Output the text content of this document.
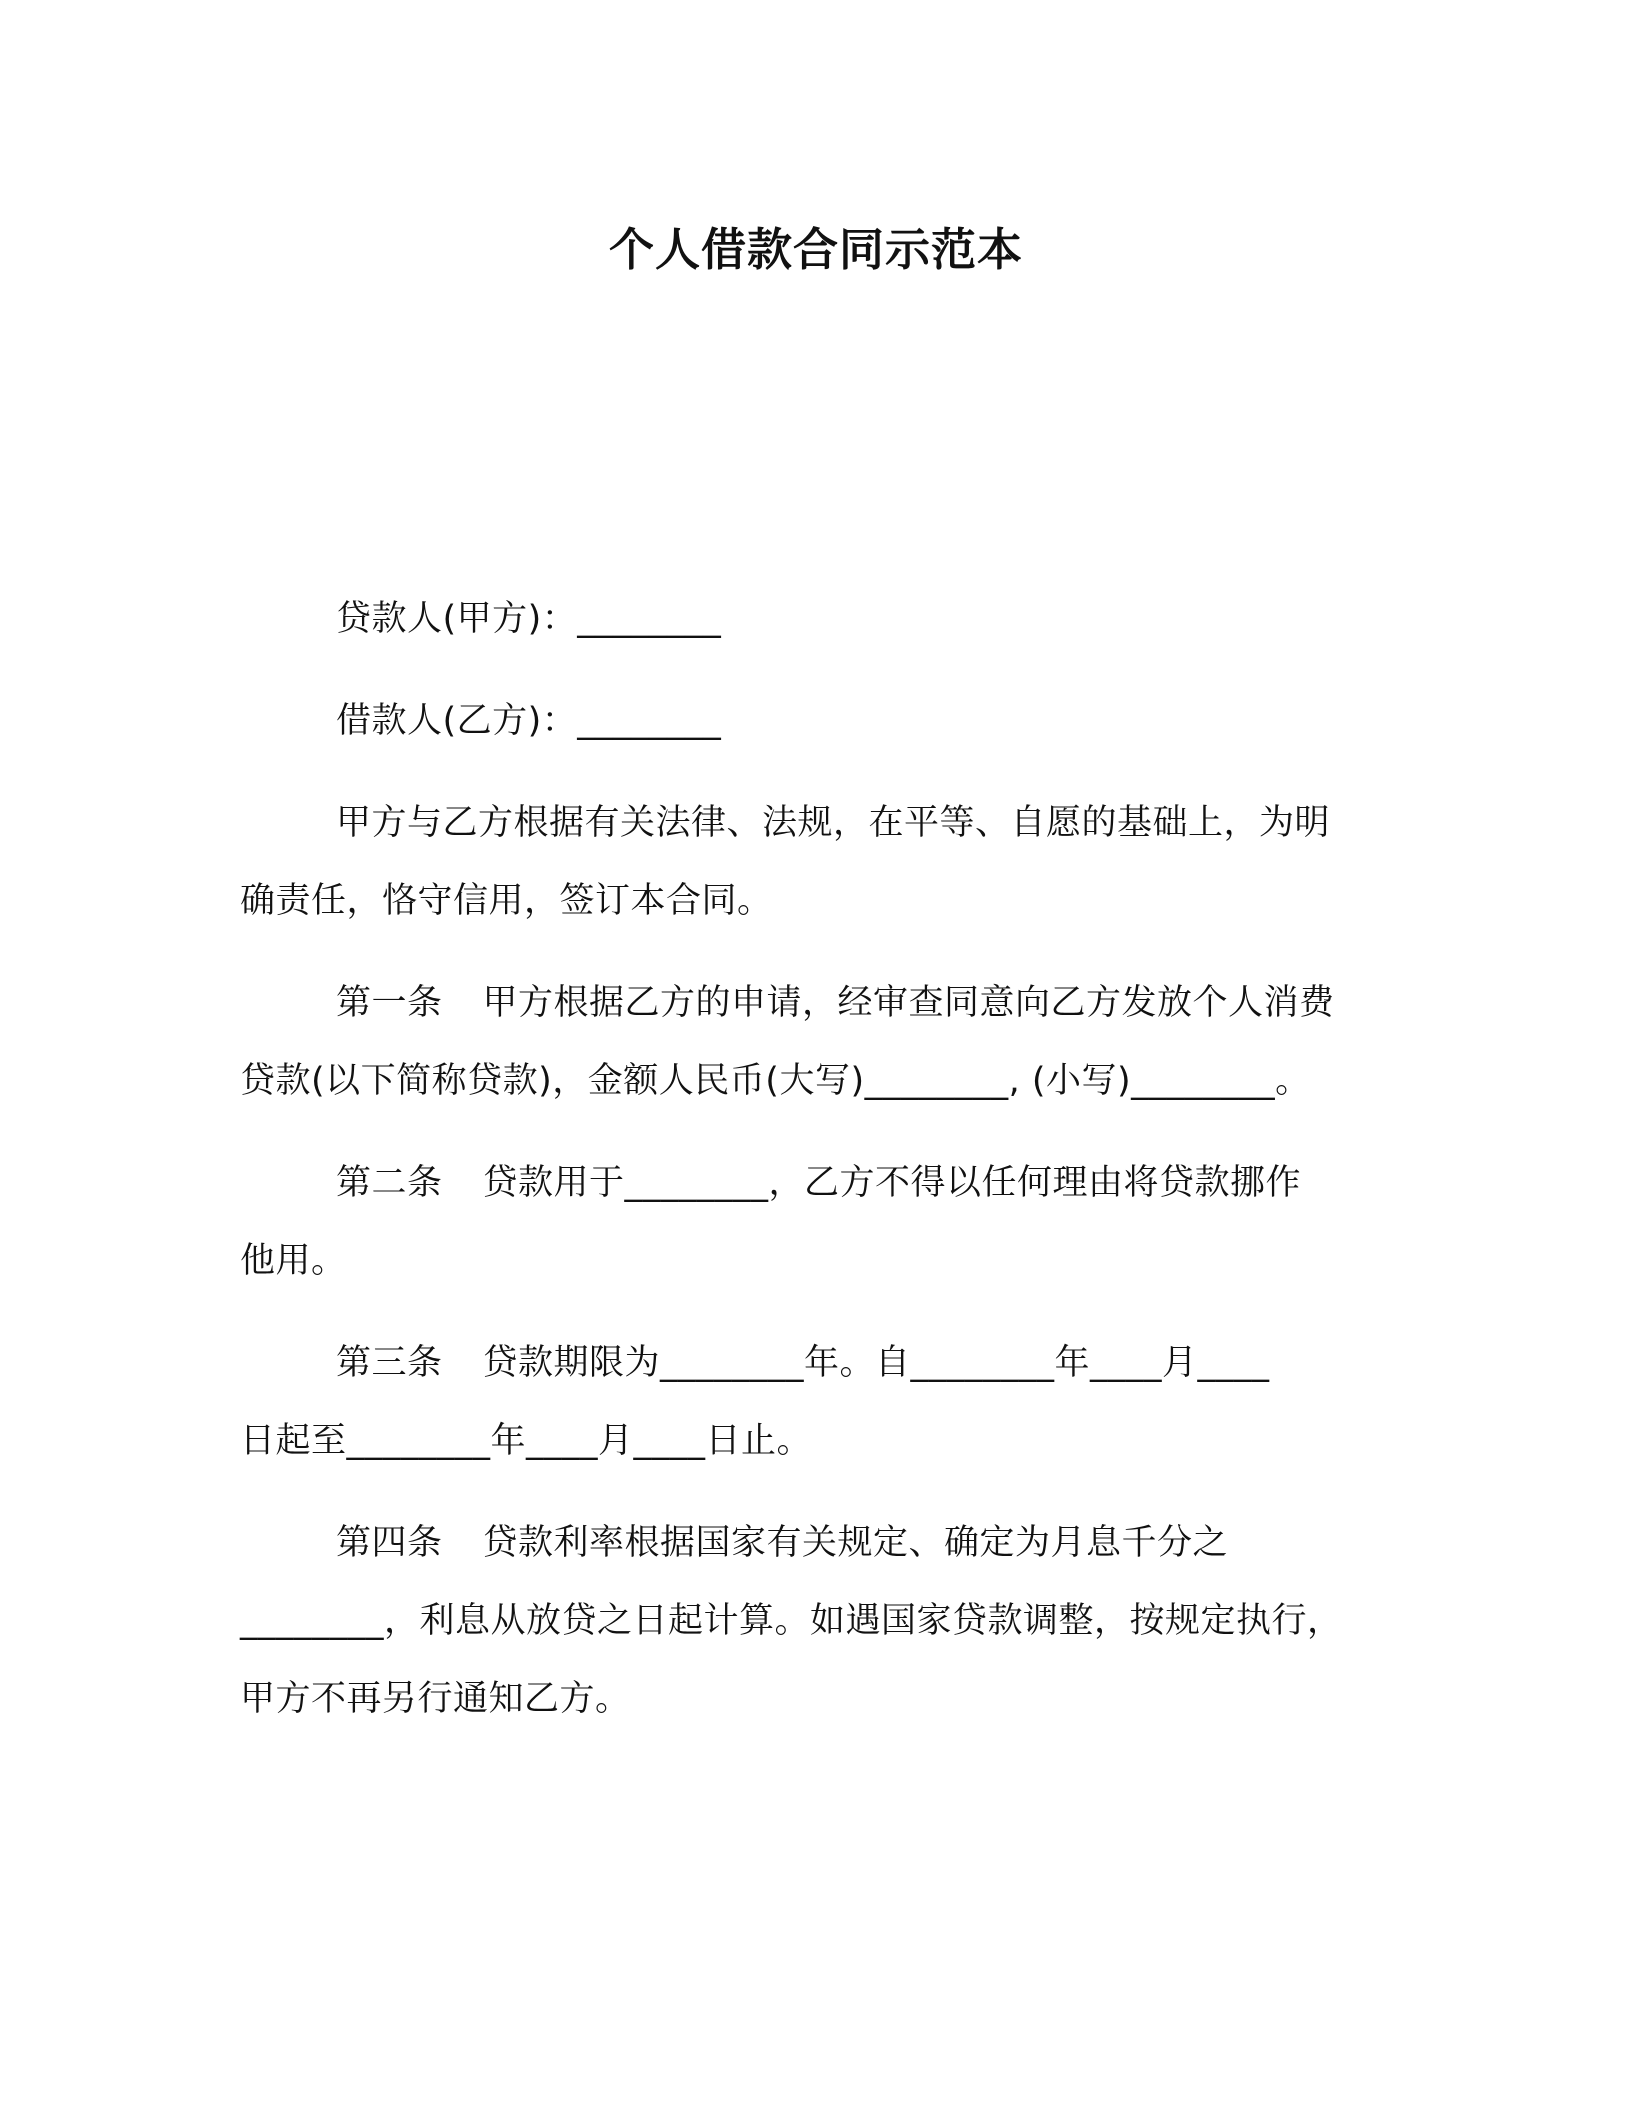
个人借款合同示范本

贷款人(甲方)：________

借款人(乙方)：________

甲方与乙方根据有关法律、法规，在平等、自愿的基础上，为明
确责任，恪守信用，签订本合同。
第一条 甲方根据乙方的申请，经审查同意向乙方发放个人消费
贷款(以下简称贷款)，金额人民币(大写)________, (小写)________。
第二条 贷款用于________，乙方不得以任何理由将贷款挪作
他用。
第三条 贷款期限为________年。自________年____月____
日起至________年____月____日止。
第四条 贷款利率根据国家有关规定、确定为月息千分之
________，利息从放贷之日起计算。如遇国家贷款调整，按规定执行，
甲方不再另行通知乙方。
